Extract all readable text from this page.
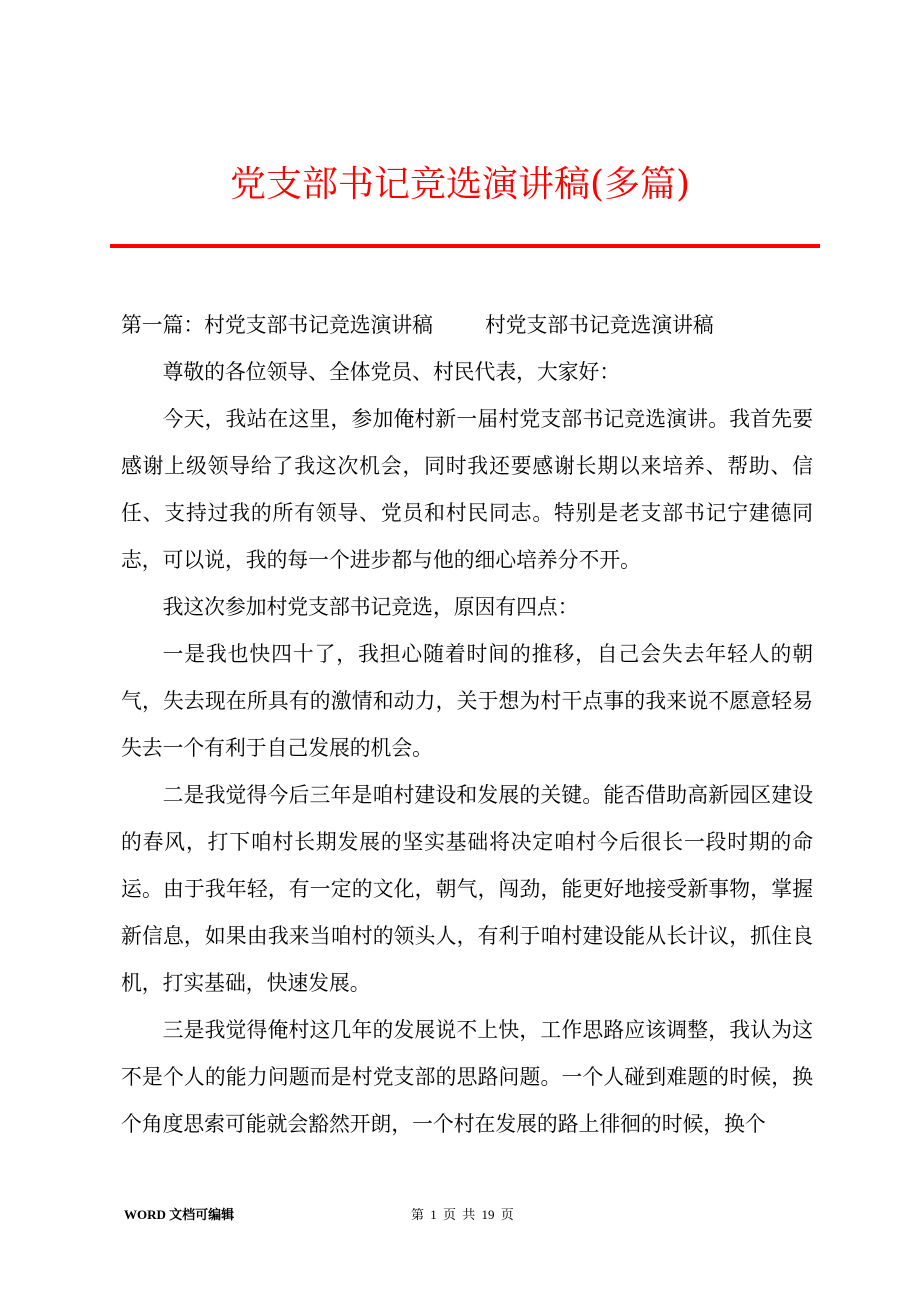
党支部书记竞选演讲稿(多篇)

第一篇：村党支部书记竞选演讲稿	村党支部书记竞选演讲稿

尊敬的各位领导、全体党员、村民代表，大家好：

今天，我站在这里，参加俺村新一届村党支部书记竞选演讲。我首先要感谢上级领导给了我这次机会，同时我还要感谢长期以来培养、帮助、信任、支持过我的所有领导、党员和村民同志。特别是老支部书记宁建德同志，可以说，我的每一个进步都与他的细心培养分不开。

我这次参加村党支部书记竞选，原因有四点：

一是我也快四十了，我担心随着时间的推移，自己会失去年轻人的朝气，失去现在所具有的激情和动力，关于想为村干点事的我来说不愿意轻易失去一个有利于自己发展的机会。

二是我觉得今后三年是咱村建设和发展的关键。能否借助高新园区建设的春风，打下咱村长期发展的坚实基础将决定咱村今后很长一段时期的命运。由于我年轻，有一定的文化，朝气，闯劲，能更好地接受新事物，掌握新信息，如果由我来当咱村的领头人，有利于咱村建设能从长计议，抓住良机，打实基础，快速发展。

三是我觉得俺村这几年的发展说不上快，工作思路应该调整，我认为这不是个人的能力问题而是村党支部的思路问题。一个人碰到难题的时候，换个角度思索可能就会豁然开朗，一个村在发展的路上徘徊的时候，换个

WORD 文档可编辑	第 1 页 共 19 页
